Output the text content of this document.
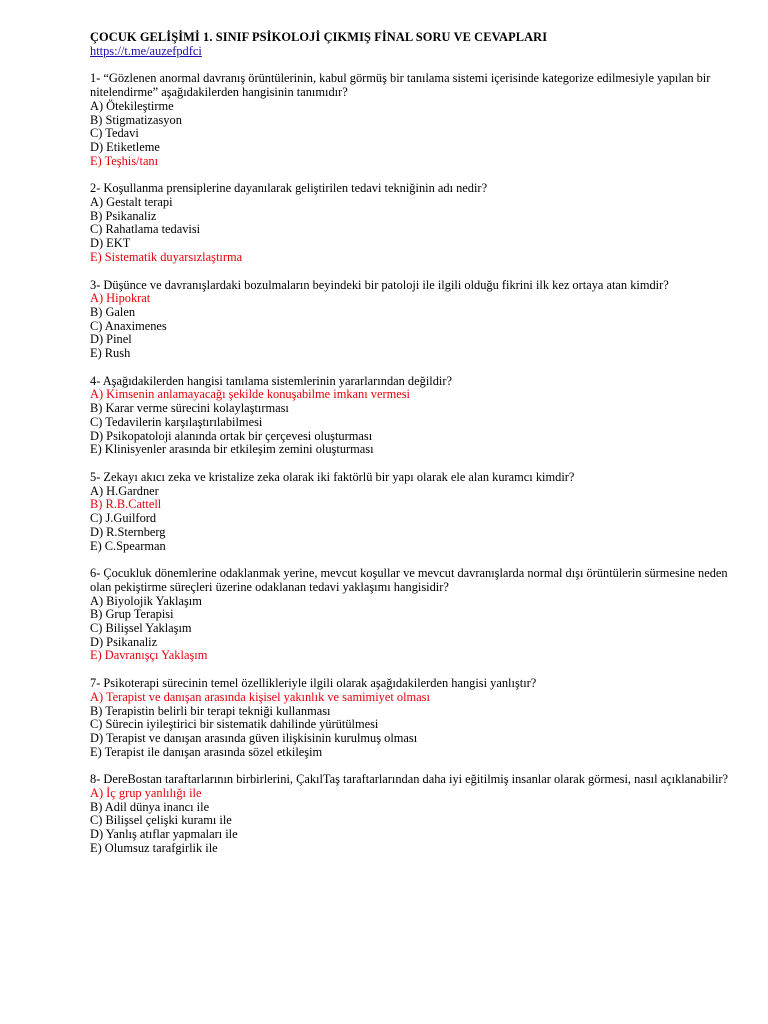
ÇOCUK GELİŞİMİ 1. SINIF PSİKOLOJİ ÇIKMIŞ FİNAL SORU VE CEVAPLARI
https://t.me/auzefpdfci
1- “Gözlenen anormal davranış örüntülerinin, kabul görmüş bir tanılama sistemi içerisinde kategorize edilmesiyle yapılan bir nitelendirme” aşağıdakilerden hangisinin tanımıdır?
A) Ötekileştirme
B) Stigmatizasyon
C) Tedavi
D) Etiketleme
E) Teşhis/tanı
2- Koşullanma prensiplerine dayanılarak geliştirilen tedavi tekniğinin adı nedir?
A) Gestalt terapi
B) Psikanaliz
C) Rahatlama tedavisi
D) EKT
E) Sistematik duyarsızlaştırma
3- Düşünce ve davranışlardaki bozulmaların beyindeki bir patoloji ile ilgili olduğu fikrini ilk kez ortaya atan kimdir?
A) Hipokrat
B) Galen
C) Anaximenes
D) Pinel
E) Rush
4- Aşağıdakilerden hangisi tanılama sistemlerinin yararlarından değildir?
A) Kimsenin anlamayacağı şekilde konuşabilme imkanı vermesi
B) Karar verme sürecini kolaylaştırması
C) Tedavilerin karşılaştırılabilmesi
D) Psikopatoloji alanında ortak bir çerçevesi oluşturması
E) Klinisyenler arasında bir etkileşim zemini oluşturması
5- Zekayı akıcı zeka ve kristalize zeka olarak iki faktörlü bir yapı olarak ele alan kuramcı kimdir?
A) H.Gardner
B) R.B.Cattell
C) J.Guilford
D) R.Sternberg
E) C.Spearman
6- Çocukluk dönemlerine odaklanmak yerine, mevcut koşullar ve mevcut davranışlarda normal dışı örüntülerin sürmesine neden olan pekiştirme süreçleri üzerine odaklanan tedavi yaklaşımı hangisidir?
A) Biyolojik Yaklaşım
B) Grup Terapisi
C) Bilişsel Yaklaşım
D) Psikanaliz
E) Davranışçı Yaklaşım
7- Psikoterapi sürecinin temel özellikleriyle ilgili olarak aşağıdakilerden hangisi yanlıştır?
A) Terapist ve danışan arasında kişisel yakınlık ve samimiyet olması
B) Terapistin belirli bir terapi tekniği kullanması
C) Sürecin iyileştirici bir sistematik dahilinde yürütülmesi
D) Terapist ve danışan arasında güven ilişkisinin kurulmuş olması
E) Terapist ile danışan arasında sözel etkileşim
8- DereBostan taraftarlarının birbirlerini, ÇakılTaş taraftarlarından daha iyi eğitilmiş insanlar olarak görmesi, nasıl açıklanabilir?
A) İç grup yanlılığı ile
B) Adil dünya inancı ile
C) Bilişsel çelişki kuramı ile
D) Yanlış atıflar yapmaları ile
E) Olumsuz tarafgirlik ile
